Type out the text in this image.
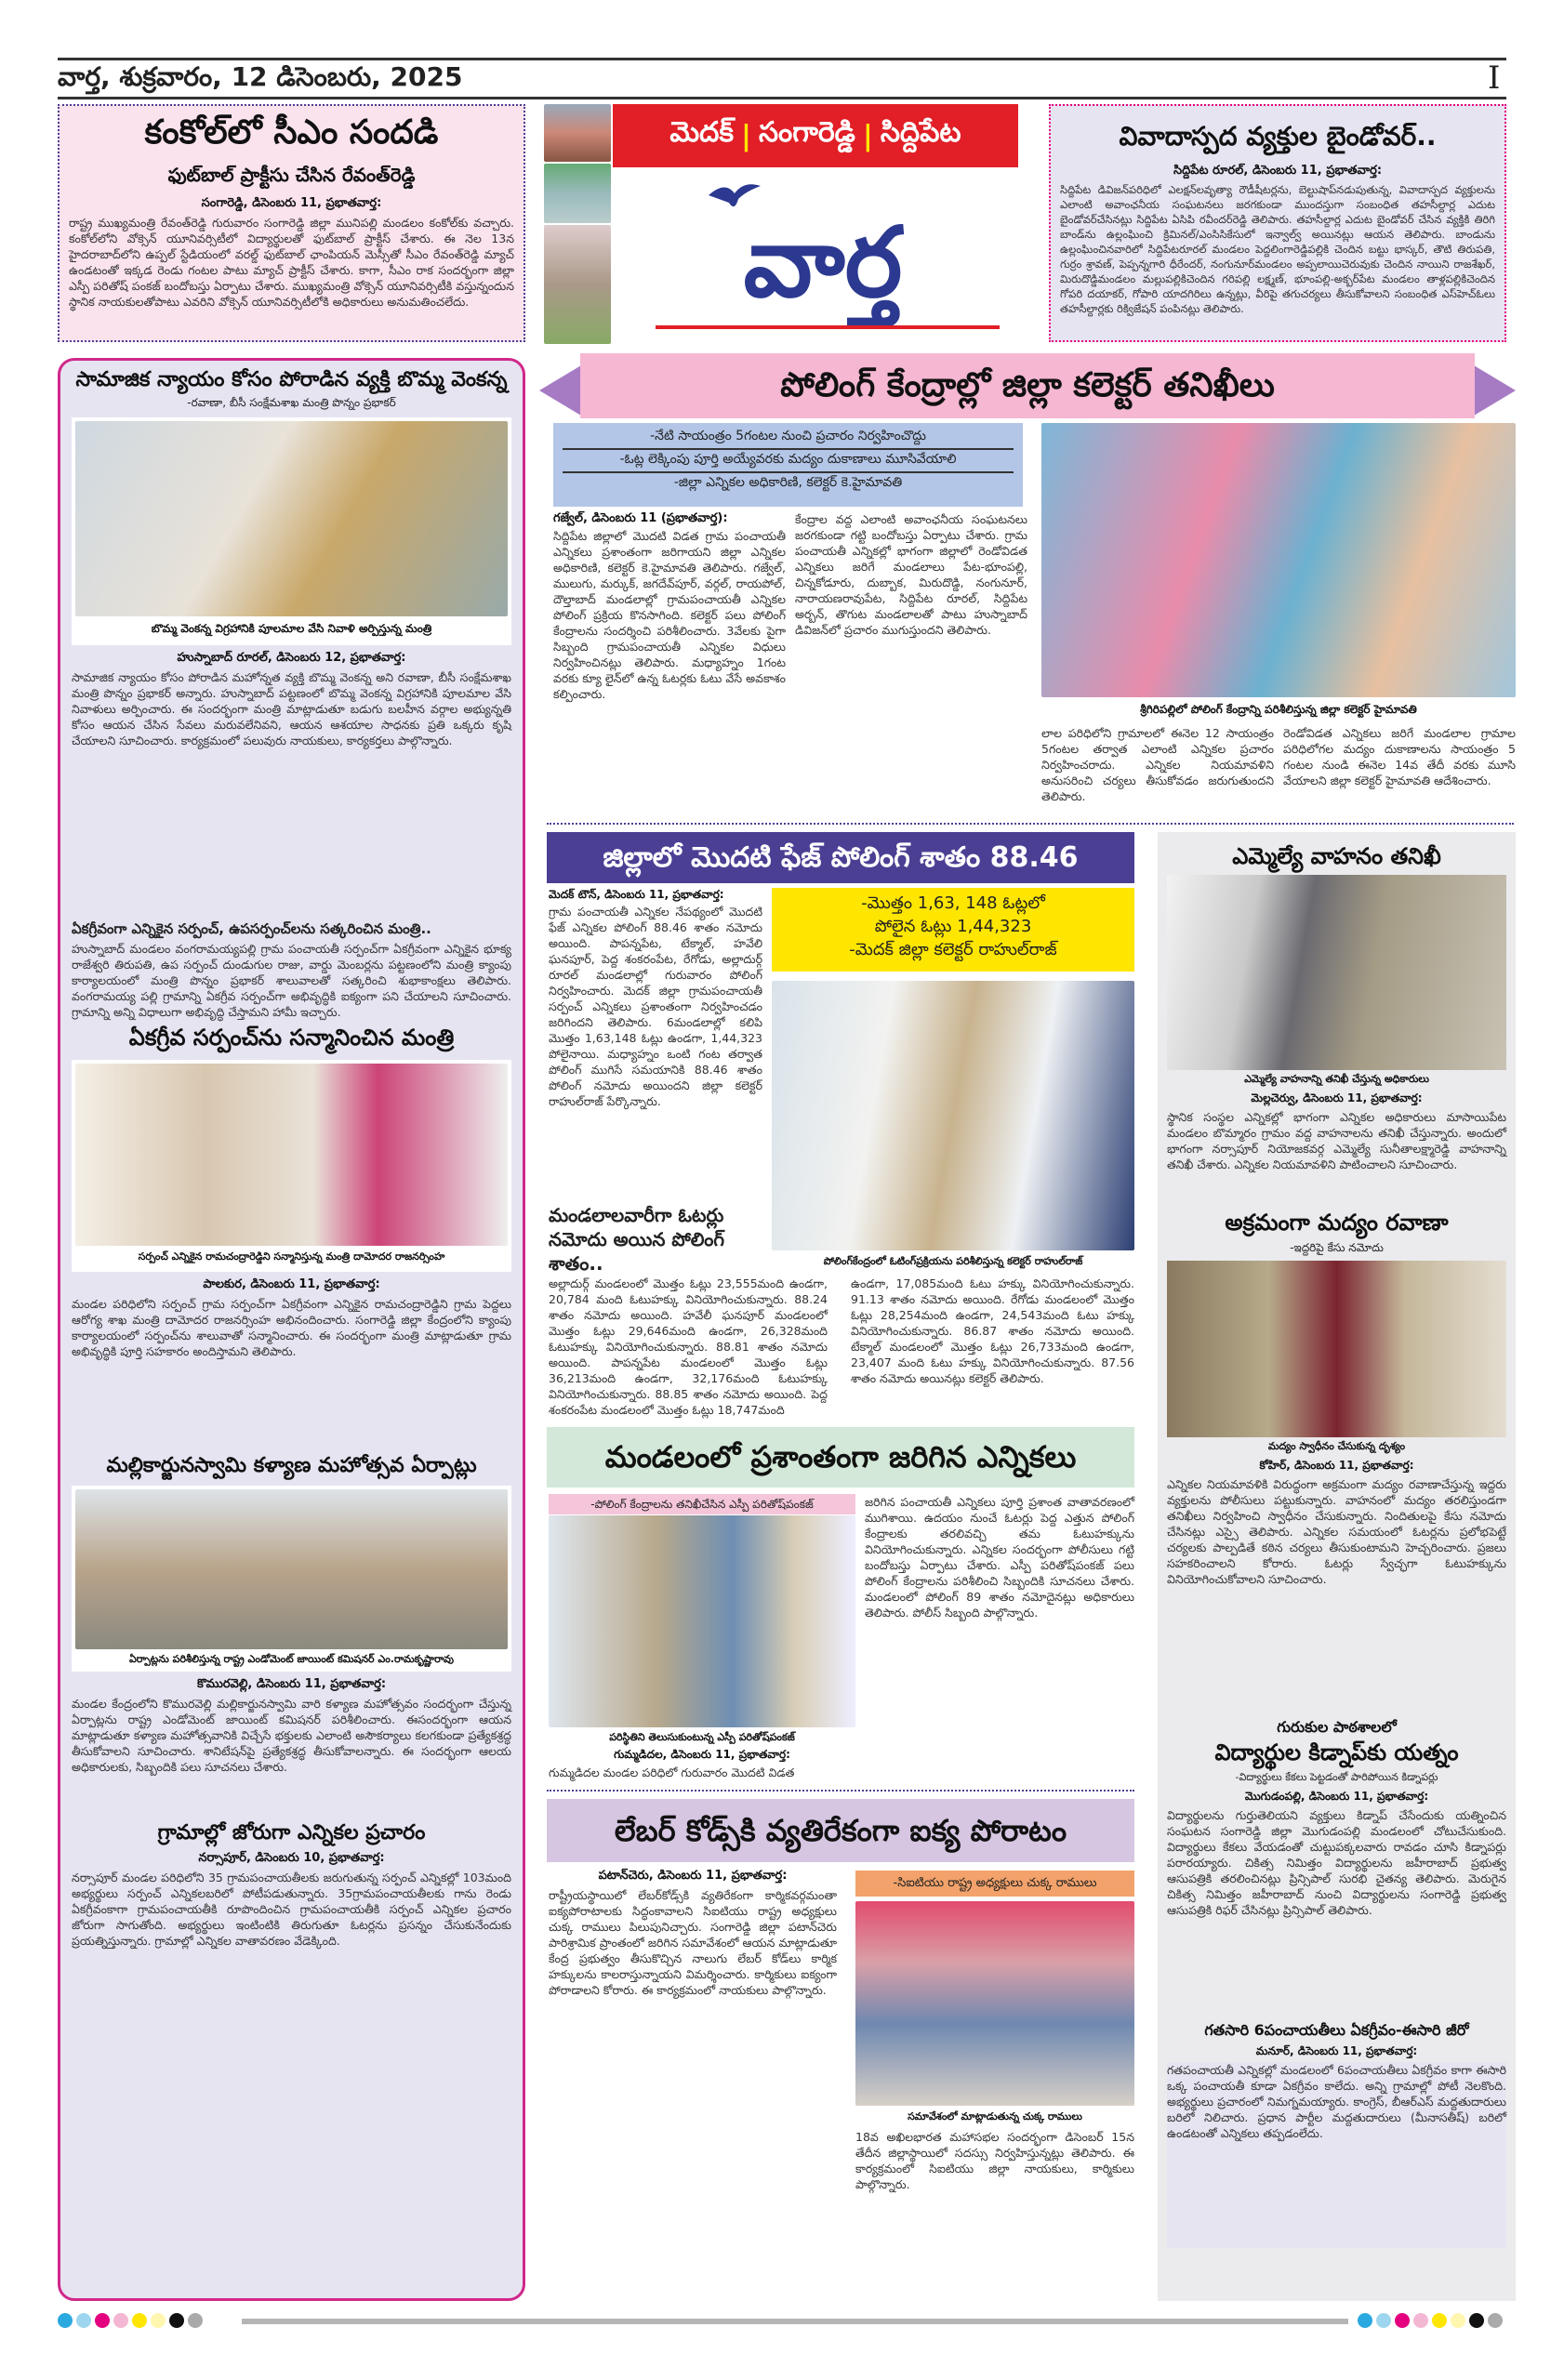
వార్త, శుక్రవారం, 12 డిసెంబరు, 2025	I
కంకోల్‌లో సీఎం సందడి
ఫుట్‌బాల్ ప్రాక్టీసు చేసిన రేవంత్‌రెడ్డి
సంగారెడ్డి, డిసెంబరు 11, ప్రభాతవార్త:
రాష్ట్ర ముఖ్యమంత్రి రేవంత్‌రెడ్డి గురువారం సంగారెడ్డి జిల్లా మునిపల్లి మండలం కంకోల్‌కు వచ్చారు. కంకోల్‌లోని వోక్సెన్ యూనివర్సిటీలో విద్యార్థులతో ఫుట్‌బాల్ ప్రాక్టీస్ చేశారు. ఈ నెల 13న హైదరాబాద్‌లోని ఉప్పల్ స్టేడియంలో వరల్డ్ ఫుట్‌బాల్ ఛాంపియన్ మెస్సీతో సీఎం రేవంత్‌రెడ్డి మ్యాచ్ ఉండటంతో ఇక్కడ రెండు గంటల పాటు మ్యాచ్ ప్రాక్టీస్ చేశారు. కాగా, సీఎం రాక సందర్భంగా జిల్లా ఎస్పీ పరితోష్ పంకజ్ బందోబస్తు ఏర్పాటు చేశారు. ముఖ్యమంత్రి వోక్సెన్ యూనివర్సిటీకి వస్తున్నందున స్థానిక నాయకులతోపాటు ఎవరిని వోక్సెన్ యూనివర్సిటీలోకి అధికారులు అనుమతించలేదు.
మెదక్ | సంగారెడ్డి | సిద్దిపేట
వార్త
వివాదాస్పద వ్యక్తుల బైండోవర్..
సిద్దిపేట రూరల్, డిసెంబరు 11, ప్రభాతవార్త:
సిద్దిపేట డివిజన్‌పరిధిలో ఎలక్షన్‌లవృత్యా రౌడీషీటర్లను, బెల్టుషాప్‌నడుపుతున్న, వివాదాస్పద వ్యక్తులను ఎలాంటి అవాంఛనీయ సంఘటనలు జరగకుండా ముందస్తుగా సంబంధిత తహసీల్దార్ల ఎదుట బైండోవర్‌చేసినట్లు సిద్దిపేట ఏసిపి రవీందర్‌రెడ్డి తెలిపారు. తహసీల్దార్ల ఎదుట బైండోవర్ చేసిన వ్యక్తికి తిరిగి బాండ్‌ను ఉల్లంఘించి క్రిమినల్/ఎంసిసికేసులో ఇన్వాల్వ్ అయినట్లు ఆయన తెలిపారు. బాండును ఉల్లంఘించినవారిలో సిద్దిపేటరూరల్ మండలం పెద్దలింగారెడ్డిపల్లికి చెందిన బట్టు భాస్కర్, తౌటి తిరుపతి, గుర్రం శ్రావణ్, పెప్పన్నగారి ధీరేందర్, నంగునూర్‌మండలం అప్పలాయిచెరువుకు చెందిన నాయిని రాజశేఖర్, మిరుదొడ్డిమండలం మల్లుపల్లికిచెందిన గరిపల్లి లక్ష్మణ్, భూంపల్లి-అక్బర్‌పేట మండలం తాళ్లపల్లికిచెందిన గోపరి దయాకర్, గోపారి యాదగిరిలు ఉన్నట్లు, వీరిపై తగుచర్యలు తీసుకోవాలని సంబంధిత ఎస్‌హెచ్‌ఓలు తహసీల్దార్లకు రిక్విజేషన్ పంపినట్లు తెలిపారు.
సామాజిక న్యాయం కోసం పోరాడిన వ్యక్తి బొమ్మ వెంకన్న
-రవాణా, బీసీ సంక్షేమశాఖ మంత్రి పొన్నం ప్రభాకర్
బొమ్మ వెంకన్న విగ్రహానికి పూలమాల వేసి నివాళి అర్పిస్తున్న మంత్రి
హుస్నాబాద్ రూరల్, డిసెంబరు 12, ప్రభాతవార్త:
సామాజిక న్యాయం కోసం పోరాడిన మహోన్నత వ్యక్తి బొమ్మ వెంకన్న అని రవాణా, బీసీ సంక్షేమశాఖ మంత్రి పొన్నం ప్రభాకర్ అన్నారు. హుస్నాబాద్ పట్టణంలో బొమ్మ వెంకన్న విగ్రహానికి పూలమాల వేసి నివాళులు అర్పించారు. ఈ సందర్భంగా మంత్రి మాట్లాడుతూ బడుగు బలహీన వర్గాల అభ్యున్నతి కోసం ఆయన చేసిన సేవలు మరువలేనివని, ఆయన ఆశయాల సాధనకు ప్రతి ఒక్కరు కృషి చేయాలని సూచించారు. కార్యక్రమంలో పలువురు నాయకులు, కార్యకర్తలు పాల్గొన్నారు.
ఏకగ్రీవంగా ఎన్నికైన సర్పంచ్, ఉపసర్పంచ్‌లను సత్కరించిన మంత్రి..
హుస్నాబాద్ మండలం వంగరామయ్యపల్లి గ్రామ పంచాయతీ సర్పంచ్‌గా ఏకగ్రీవంగా ఎన్నికైన భూక్య రాజేశ్వరి తిరుపతి, ఉప సర్పంచ్ దుండుగుల రాజు, వార్డు మెంబర్లను పట్టణంలోని మంత్రి క్యాంపు కార్యాలయంలో మంత్రి పొన్నం ప్రభాకర్ శాలువాలతో సత్కరించి శుభాకాంక్షలు తెలిపారు. వంగరామయ్య పల్లి గ్రామాన్ని ఏకగ్రీవ సర్పంచ్‌గా అభివృద్ధికి ఐక్యంగా పని చేయాలని సూచించారు. గ్రామాన్ని అన్ని విధాలుగా అభివృద్ధి చేస్తామని హామీ ఇచ్చారు.
ఏకగ్రీవ సర్పంచ్‌ను సన్మానించిన మంత్రి
సర్పంచ్‌ ఎన్నికైన రామచంద్రారెడ్డిని సన్మానిస్తున్న మంత్రి దామోదర రాజనర్సింహ
పాలకుర, డిసెంబరు 11, ప్రభాతవార్త:
మండల పరిధిలోని సర్పంచ్ గ్రామ సర్పంచ్‌గా ఏకగ్రీవంగా ఎన్నికైన రామచంద్రారెడ్డిని గ్రామ పెద్దలు ఆరోగ్య శాఖ మంత్రి దామోదర రాజనర్సింహ అభినందించారు. సంగారెడ్డి జిల్లా కేంద్రంలోని క్యాంపు కార్యాలయంలో సర్పంచ్‌ను శాలువాతో సన్మానించారు. ఈ సందర్భంగా మంత్రి మాట్లాడుతూ గ్రామ అభివృద్ధికి పూర్తి సహకారం అందిస్తామని తెలిపారు.
మల్లికార్జునస్వామి కళ్యాణ మహోత్సవ ఏర్పాట్లు
ఏర్పాట్లను పరిశీలిస్తున్న రాష్ట్ర ఎండోమెంట్ జాయింట్ కమిషనర్ ఎం.రామకృష్ణారావు
కొమురవెల్లి, డిసెంబరు 11, ప్రభాతవార్త:
మండల కేంద్రంలోని కొమురవెల్లి మల్లికార్జునస్వామి వారి కళ్యాణ మహోత్సవం సందర్భంగా చేస్తున్న ఏర్పాట్లను రాష్ట్ర ఎండోమెంట్ జాయింట్ కమిషనర్ పరిశీలించారు. ఈసందర్భంగా ఆయన మాట్లాడుతూ కళ్యాణ మహోత్సవానికి విచ్చేసే భక్తులకు ఎలాంటి అసౌకర్యాలు కలగకుండా ప్రత్యేకశ్రద్ధ తీసుకోవాలని సూచించారు. శానిటేషన్‌పై ప్రత్యేకశ్రద్ధ తీసుకోవాలన్నారు. ఈ సందర్భంగా ఆలయ అధికారులకు, సిబ్బందికి పలు సూచనలు చేశారు.
గ్రామాల్లో జోరుగా ఎన్నికల ప్రచారం
నర్సాపూర్, డిసెంబరు 10, ప్రభాతవార్త:
నర్సాపూర్ మండల పరిధిలోని 35 గ్రామపంచాయతీలకు జరుగుతున్న సర్పంచ్ ఎన్నికల్లో 103మంది అభ్యర్థులు సర్పంచ్ ఎన్నికలబరిలో పోటీపడుతున్నారు. 35గ్రామపంచాయతీలకు గాను రెండు ఏకగ్రీవంకాగా గ్రామపంచాయతీకి రూపొందించిన గ్రామపంచాయతీకి సర్పంచ్ ఎన్నికల ప్రచారం జోరుగా సాగుతోంది. అభ్యర్థులు ఇంటింటికి తిరుగుతూ ఓటర్లను ప్రసన్నం చేసుకునేందుకు ప్రయత్నిస్తున్నారు. గ్రామాల్లో ఎన్నికల వాతావరణం వేడెక్కింది.
పోలింగ్ కేంద్రాల్లో జిల్లా కలెక్టర్ తనిఖీలు
-నేటి సాయంత్రం 5గంటల నుంచి ప్రచారం నిర్వహించొద్దు
-ఓట్ల లెక్కింపు పూర్తి అయ్యేవరకు మద్యం దుకాణాలు మూసివేయాలి
-జిల్లా ఎన్నికల అధికారిణి, కలెక్టర్ కె.హైమావతి
శ్రీగిరిపల్లిలో పోలింగ్ కేంద్రాన్ని పరిశీలిస్తున్న జిల్లా కలెక్టర్ హైమావతి
గజ్వేల్, డిసెంబరు 11 (ప్రభాతవార్త):
సిద్దిపేట జిల్లాలో మొదటి విడత గ్రామ పంచాయతీ ఎన్నికలు ప్రశాంతంగా జరిగాయని జిల్లా ఎన్నికల అధికారిణి, కలెక్టర్ కె.హైమావతి తెలిపారు. గజ్వేల్, ములుగు, మర్కుక్, జగదేవ్‌పూర్, వర్గల్, రాయపోల్, దౌల్తాబాద్ మండలాల్లో గ్రామపంచాయతీ ఎన్నికల పోలింగ్ ప్రక్రియ కొనసాగింది. కలెక్టర్ పలు పోలింగ్ కేంద్రాలను సందర్శించి పరిశీలించారు. 3వేలకు పైగా సిబ్బంది గ్రామపంచాయతీ ఎన్నికల విధులు నిర్వహించినట్లు తెలిపారు. మధ్యాహ్నం 1గంట వరకు క్యూ లైన్‌లో ఉన్న ఓటర్లకు ఓటు వేసే అవకాశం కల్పించారు.
కేంద్రాల వద్ద ఎలాంటి అవాంఛనీయ సంఘటనలు జరగకుండా గట్టి బందోబస్తు ఏర్పాటు చేశారు. గ్రామ పంచాయతీ ఎన్నికల్లో భాగంగా జిల్లాలో రెండోవిడత ఎన్నికలు జరిగే మండలాలు పేట-భూంపల్లి, చిన్నకోడూరు, దుబ్బాక, మిరుదొడ్డి, నంగునూర్, నారాయణరావుపేట, సిద్దిపేట రూరల్, సిద్దిపేట అర్బన్, తొగుట మండలాలతో పాటు హుస్నాబాద్ డివిజన్‌లో ప్రచారం ముగుస్తుందని తెలిపారు.
లాల పరిధిలోని గ్రామాలలో ఈనెల 12 సాయంత్రం 5గంటల తర్వాత ఎలాంటి ఎన్నికల ప్రచారం నిర్వహించరాదు. ఎన్నికల నియమావళిని అనుసరించి చర్యలు తీసుకోవడం జరుగుతుందని తెలిపారు.
రెండోవిడత ఎన్నికలు జరిగే మండలాల గ్రామాల పరిధిలోగల మద్యం దుకాణాలను సాయంత్రం 5 గంటల నుండి ఈనెల 14వ తేదీ వరకు మూసి వేయాలని జిల్లా కలెక్టర్ హైమావతి ఆదేశించారు.
జిల్లాలో మొదటి ఫేజ్ పోలింగ్ శాతం 88.46
-మొత్తం 1,63, 148 ఓట్లలో
పోలైన ఓట్లు 1,44,323
-మెదక్ జిల్లా కలెక్టర్ రాహుల్‌రాజ్
మెదక్ టౌన్, డిసెంబరు 11, ప్రభాతవార్త:
గ్రామ పంచాయతీ ఎన్నికల నేపథ్యంలో మొదటి ఫేజ్ ఎన్నికల పోలింగ్ 88.46 శాతం నమోదు అయింది. పాపన్నపేట, టేక్మాల్, హవేలి ఘనపూర్, పెద్ద శంకరంపేట, రేగోడు, అల్లాదుర్గ్ రూరల్ మండలాల్లో గురువారం పోలింగ్ నిర్వహించారు. మెదక్ జిల్లా గ్రామపంచాయతీ సర్పంచ్ ఎన్నికలు ప్రశాంతంగా నిర్వహించడం జరిగిందని తెలిపారు. 6మండలాల్లో కలిపి మొత్తం 1,63,148 ఓట్లు ఉండగా, 1,44,323 పోలైనాయి. మధ్యాహ్నం ఒంటి గంట తర్వాత పోలింగ్ ముగిసే సమయానికి 88.46 శాతం పోలింగ్ నమోదు అయిందని జిల్లా కలెక్టర్ రాహుల్‌రాజ్ పేర్కొన్నారు.
మండలాలవారీగా ఓటర్లు నమోదు అయిన పోలింగ్ శాతం..	పోలింగ్‌కేంద్రంలో ఓటింగ్‌ప్రక్రియను పరిశీలిస్తున్న కలెక్టర్ రాహుల్‌రాజ్
అల్లాదుర్గ్ మండలంలో మొత్తం ఓట్లు 23,555మంది ఉండగా, 20,784 మంది ఓటుహక్కు వినియోగించుకున్నారు. 88.24 శాతం నమోదు అయింది. హవేలీ ఘనపూర్ మండలంలో మొత్తం ఓట్లు 29,646మంది ఉండగా, 26,328మంది ఓటుహక్కు వినియోగించుకున్నారు. 88.81 శాతం నమోదు అయింది. పాపన్నపేట మండలంలో మొత్తం ఓట్లు 36,213మంది ఉండగా, 32,176మంది ఓటుహక్కు వినియోగించుకున్నారు. 88.85 శాతం నమోదు అయింది. పెద్ద శంకరంపేట మండలంలో మొత్తం ఓట్లు 18,747మంది
ఉండగా, 17,085మంది ఓటు హక్కు వినియోగించుకున్నారు. 91.13 శాతం నమోదు అయింది. రేగోడు మండలంలో మొత్తం ఓట్లు 28,254మంది ఉండగా, 24,543మంది ఓటు హక్కు వినియోగించుకున్నారు. 86.87 శాతం నమోదు అయింది. టేక్మాల్ మండలంలో మొత్తం ఓట్లు 26,733మంది ఉండగా, 23,407 మంది ఓటు హక్కు వినియోగించుకున్నారు. 87.56 శాతం నమోదు అయినట్లు కలెక్టర్ తెలిపారు.
మండలంలో ప్రశాంతంగా జరిగిన ఎన్నికలు
-పోలింగ్ కేంద్రాలను తనిఖీచేసిన ఎస్పీ పరితోష్‌పంకజ్
పరిస్థితిని తెలుసుకుంటున్న ఎస్పీ పరితోష్‌పంకజ్
గుమ్మడిదల, డిసెంబరు 11, ప్రభాతవార్త:
గుమ్మడిదల మండల పరిధిలో గురువారం మొదటి విడత
జరిగిన పంచాయతీ ఎన్నికలు పూర్తి ప్రశాంత వాతావరణంలో ముగిశాయి. ఉదయం నుంచే ఓటర్లు పెద్ద ఎత్తున పోలింగ్ కేంద్రాలకు తరలివచ్చి తమ ఓటుహక్కును వినియోగించుకున్నారు. ఎన్నికల సందర్భంగా పోలీసులు గట్టి బందోబస్తు ఏర్పాటు చేశారు. ఎస్పీ పరితోష్‌పంకజ్ పలు పోలింగ్ కేంద్రాలను పరిశీలించి సిబ్బందికి సూచనలు చేశారు. మండలంలో పోలింగ్ 89 శాతం నమోదైనట్లు అధికారులు తెలిపారు. పోలీస్ సిబ్బంది పాల్గొన్నారు.
లేబర్ కోడ్స్‌కి వ్యతిరేకంగా ఐక్య పోరాటం
పటాన్‌చెరు, డిసెంబరు 11, ప్రభాతవార్త:
రాష్ట్రీయస్థాయిలో లేబర్‌కోడ్స్‌కి వ్యతిరేకంగా కార్మికవర్గమంతా ఐక్యపోరాటాలకు సిద్ధంకావాలని సిఐటియు రాష్ట్ర అధ్యక్షులు చుక్క రాములు పిలుపునిచ్చారు. సంగారెడ్డి జిల్లా పటాన్‌చెరు పారిశ్రామిక ప్రాంతంలో జరిగిన సమావేశంలో ఆయన మాట్లాడుతూ కేంద్ర ప్రభుత్వం తీసుకొచ్చిన నాలుగు లేబర్ కోడ్‌లు కార్మిక హక్కులను కాలరాస్తున్నాయని విమర్శించారు. కార్మికులు ఐక్యంగా పోరాడాలని కోరారు. ఈ కార్యక్రమంలో నాయకులు పాల్గొన్నారు.
-సిఐటియు రాష్ట్ర అధ్యక్షులు చుక్క రాములు
సమావేశంలో మాట్లాడుతున్న చుక్క రాములు
18వ అఖిలభారత మహాసభల సందర్భంగా డిసెంబర్ 15న తేదీన జిల్లాస్థాయిలో సదస్సు నిర్వహిస్తున్నట్లు తెలిపారు. ఈ కార్యక్రమంలో సిఐటియు జిల్లా నాయకులు, కార్మికులు పాల్గొన్నారు.
ఎమ్మెల్యే వాహనం తనిఖీ
ఎమ్మెల్యే వాహనాన్ని తనిఖీ చేస్తున్న అధికారులు
మెల్లచెర్వు, డిసెంబరు 11, ప్రభాతవార్త:
స్థానిక సంస్థల ఎన్నికల్లో భాగంగా ఎన్నికల అధికారులు మాసాయిపేట మండలం బొమ్మారం గ్రామం వద్ద వాహనాలను తనిఖీ చేస్తున్నారు. అందులో భాగంగా నర్సాపూర్ నియోజకవర్గ ఎమ్మెల్యే సునీతాలక్ష్మారెడ్డి వాహనాన్ని తనిఖీ చేశారు. ఎన్నికల నియమావళిని పాటించాలని సూచించారు.
అక్రమంగా మద్యం రవాణా
-ఇద్దరిపై కేసు నమోదు
మద్యం స్వాధీనం చేసుకున్న దృశ్యం
కోహిర్, డిసెంబరు 11, ప్రభాతవార్త:
ఎన్నికల నియమావళికి విరుద్ధంగా అక్రమంగా మద్యం రవాణాచేస్తున్న ఇద్దరు వ్యక్తులను పోలీసులు పట్టుకున్నారు. వాహనంలో మద్యం తరలిస్తుండగా తనిఖీలు నిర్వహించి స్వాధీనం చేసుకున్నారు. నిందితులపై కేసు నమోదు చేసినట్లు ఎస్సై తెలిపారు. ఎన్నికల సమయంలో ఓటర్లను ప్రలోభపెట్టే చర్యలకు పాల్పడితే కఠిన చర్యలు తీసుకుంటామని హెచ్చరించారు. ప్రజలు సహకరించాలని కోరారు. ఓటర్లు స్వేచ్ఛగా ఓటుహక్కును వినియోగించుకోవాలని సూచించారు.
గురుకుల పాఠశాలలో
విద్యార్థుల కిడ్నాప్‌కు యత్నం
-విద్యార్థులు కేకలు పెట్టడంతో పారిపోయిన కిడ్నాపర్లు
మొగుడంపల్లి, డిసెంబరు 11, ప్రభాతవార్త:
విద్యార్థులను గుర్తుతెలియని వ్యక్తులు కిడ్నాప్ చేసేందుకు యత్నించిన సంఘటన సంగారెడ్డి జిల్లా మొగుడంపల్లి మండలంలో చోటుచేసుకుంది. విద్యార్థులు కేకలు వేయడంతో చుట్టుపక్కలవారు రావడం చూసి కిడ్నాపర్లు పరారయ్యారు. చికిత్స నిమిత్తం విద్యార్థులను జహీరాబాద్ ప్రభుత్వ ఆసుపత్రికి తరలించినట్లు ప్రిన్సిపాల్ సురభి చైతన్య తెలిపారు. మెరుగైన చికిత్స నిమిత్తం జహీరాబాద్ నుంచి విద్యార్థులను సంగారెడ్డి ప్రభుత్వ ఆసుపత్రికి రిఫర్ చేసినట్లు ప్రిన్సిపాల్ తెలిపారు.
గతసారి 6పంచాయతీలు ఏకగ్రీవం-ఈసారి జీరో
మనూర్, డిసెంబరు 11, ప్రభాతవార్త:
గతపంచాయతీ ఎన్నికల్లో మండలంలో 6పంచాయతీలు ఏకగ్రీవం కాగా ఈసారి ఒక్క పంచాయతీ కూడా ఏకగ్రీవం కాలేదు. అన్ని గ్రామాల్లో పోటీ నెలకొంది. అభ్యర్థులు ప్రచారంలో నిమగ్నమయ్యారు. కాంగ్రెస్, బీఆర్ఎస్ మద్దతుదారులు బరిలో నిలిచారు. ప్రధాన పార్టీల మద్దతుదారులు (మీనాసతీష్) బరిలో ఉండటంతో ఎన్నికలు తప్పడంలేదు.
